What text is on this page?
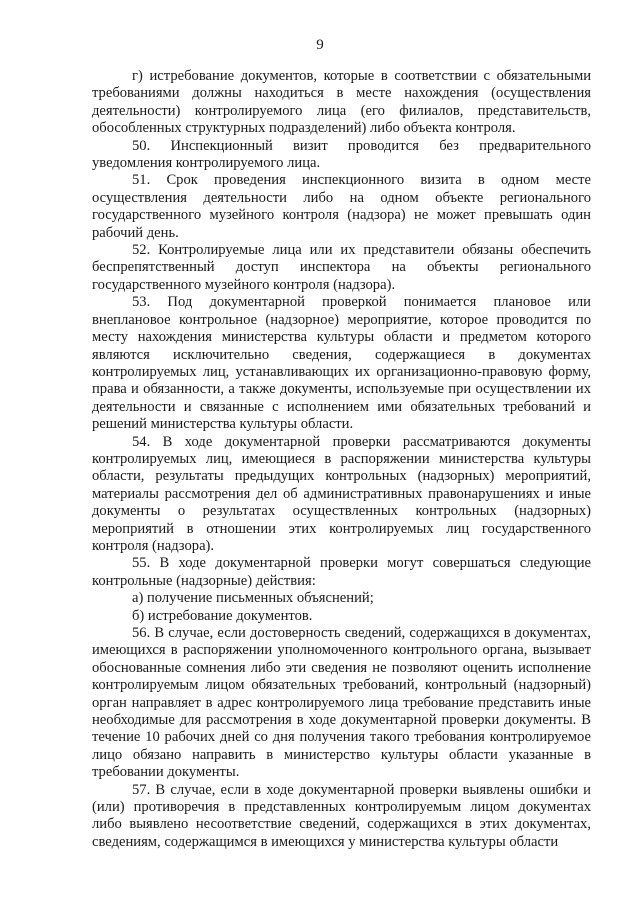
9

г) истребование документов, которые в соответствии с обязательными требованиями должны находиться в месте нахождения (осуществления деятельности) контролируемого лица (его филиалов, представительств, обособленных структурных подразделений) либо объекта контроля.

50. Инспекционный визит проводится без предварительного уведомления контролируемого лица.

51. Срок проведения инспекционного визита в одном месте осуществления деятельности либо на одном объекте регионального государственного музейного контроля (надзора) не может превышать один рабочий день.

52. Контролируемые лица или их представители обязаны обеспечить беспрепятственный доступ инспектора на объекты регионального государственного музейного контроля (надзора).

53. Под документарной проверкой понимается плановое или внеплановое контрольное (надзорное) мероприятие, которое проводится по месту нахождения министерства культуры области и предметом которого являются исключительно сведения, содержащиеся в документах контролируемых лиц, устанавливающих их организационно-правовую форму, права и обязанности, а также документы, используемые при осуществлении их деятельности и связанные с исполнением ими обязательных требований и решений министерства культуры области.

54. В ходе документарной проверки рассматриваются документы контролируемых лиц, имеющиеся в распоряжении министерства культуры области, результаты предыдущих контрольных (надзорных) мероприятий, материалы рассмотрения дел об административных правонарушениях и иные документы о результатах осуществленных контрольных (надзорных) мероприятий в отношении этих контролируемых лиц государственного контроля (надзора).

55. В ходе документарной проверки могут совершаться следующие контрольные (надзорные) действия:

а) получение письменных объяснений;

б) истребование документов.

56. В случае, если достоверность сведений, содержащихся в документах, имеющихся в распоряжении уполномоченного контрольного органа, вызывает обоснованные сомнения либо эти сведения не позволяют оценить исполнение контролируемым лицом обязательных требований, контрольный (надзорный) орган направляет в адрес контролируемого лица требование представить иные необходимые для рассмотрения в ходе документарной проверки документы. В течение 10 рабочих дней со дня получения такого требования контролируемое лицо обязано направить в министерство культуры области указанные в требовании документы.

57. В случае, если в ходе документарной проверки выявлены ошибки и (или) противоречия в представленных контролируемым лицом документах либо выявлено несоответствие сведений, содержащихся в этих документах, сведениям, содержащимся в имеющихся у министерства культуры области
